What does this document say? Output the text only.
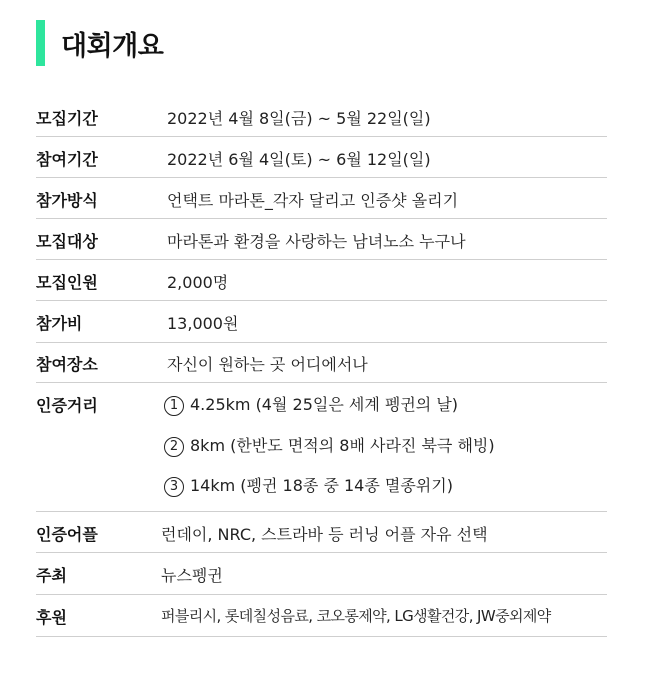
대회개요
모집기간	2022년 4월 8일(금) ~ 5월 22일(일)
참여기간	2022년 6월 4일(토) ~ 6월 12일(일)
참가방식	언택트 마라톤_각자 달리고 인증샷 올리기
모집대상	마라톤과 환경을 사랑하는 남녀노소 누구나
모집인원	2,000명
참가비	13,000원
참여장소	자신이 원하는 곳 어디에서나
인증거리	1 4.25km (4월 25일은 세계 펭귄의 날)
2 8km (한반도 면적의 8배 사라진 북극 해빙)
3 14km (펭귄 18종 중 14종 멸종위기)
인증어플	런데이, NRC, 스트라바 등 러닝 어플 자유 선택
주최	뉴스펭귄
후원	퍼블리시, 롯데칠성음료, 코오롱제약, LG생활건강, JW중외제약
